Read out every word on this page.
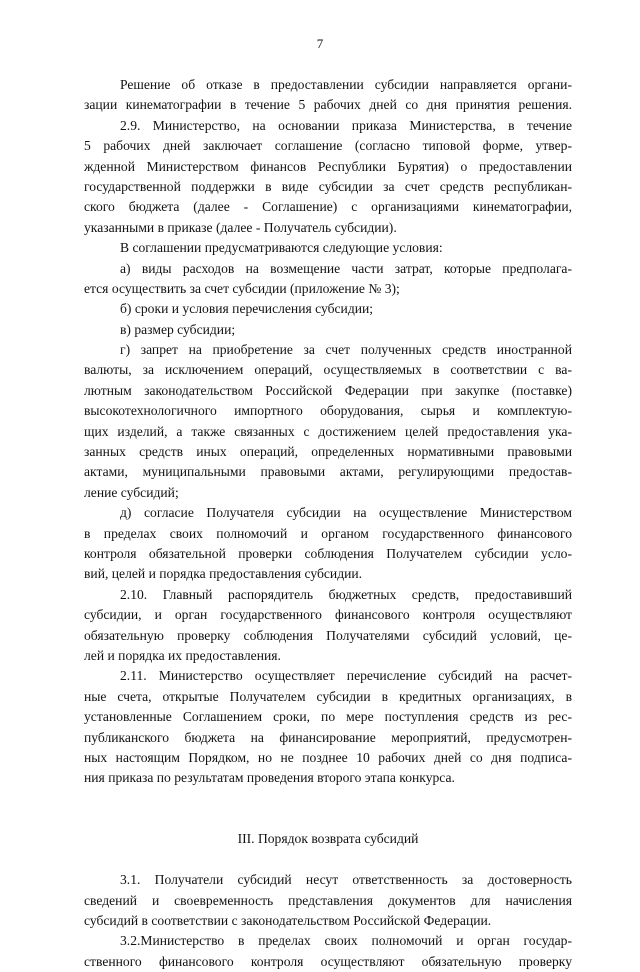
7
Решение об отказе в предоставлении субсидии направляется органи-
зации кинематографии в течение 5 рабочих дней со дня принятия решения.
2.9. Министерство, на основании приказа Министерства, в течение
5 рабочих дней заключает соглашение (согласно типовой форме, утвер-
жденной Министерством финансов Республики Бурятия) о предоставлении
государственной поддержки в виде субсидии за счет средств республикан-
ского бюджета (далее - Соглашение) с организациями кинематографии,
указанными в приказе (далее - Получатель субсидии).
В соглашении предусматриваются следующие условия:
а) виды расходов на возмещение части затрат, которые предполага-
ется осуществить за счет субсидии (приложение № 3);
б) сроки и условия перечисления субсидии;
в) размер субсидии;
г) запрет на приобретение за счет полученных средств иностранной
валюты, за исключением операций, осуществляемых в соответствии с ва-
лютным законодательством Российской Федерации при закупке (поставке)
высокотехнологичного импортного оборудования, сырья и комплектую-
щих изделий, а также связанных с достижением целей предоставления ука-
занных средств иных операций, определенных нормативными правовыми
актами, муниципальными правовыми актами, регулирующими предостав-
ление субсидий;
д) согласие Получателя субсидии на осуществление Министерством
в пределах своих полномочий и органом государственного финансового
контроля обязательной проверки соблюдения Получателем субсидии усло-
вий, целей и порядка предоставления субсидии.
2.10. Главный распорядитель бюджетных средств, предоставивший
субсидии, и орган государственного финансового контроля осуществляют
обязательную проверку соблюдения Получателями субсидий условий, це-
лей и порядка их предоставления.
2.11. Министерство осуществляет перечисление субсидий на расчет-
ные счета, открытые Получателем субсидии в кредитных организациях, в
установленные Соглашением сроки, по мере поступления средств из рес-
публиканского бюджета на финансирование мероприятий, предусмотрен-
ных настоящим Порядком, но не позднее 10 рабочих дней со дня подписа-
ния приказа по результатам проведения второго этапа конкурса.
III. Порядок возврата субсидий
3.1. Получатели субсидий несут ответственность за достоверность
сведений и своевременность представления документов для начисления
субсидий в соответствии с законодательством Российской Федерации.
3.2.Министерство в пределах своих полномочий и орган государ-
ственного финансового контроля осуществляют обязательную проверку
